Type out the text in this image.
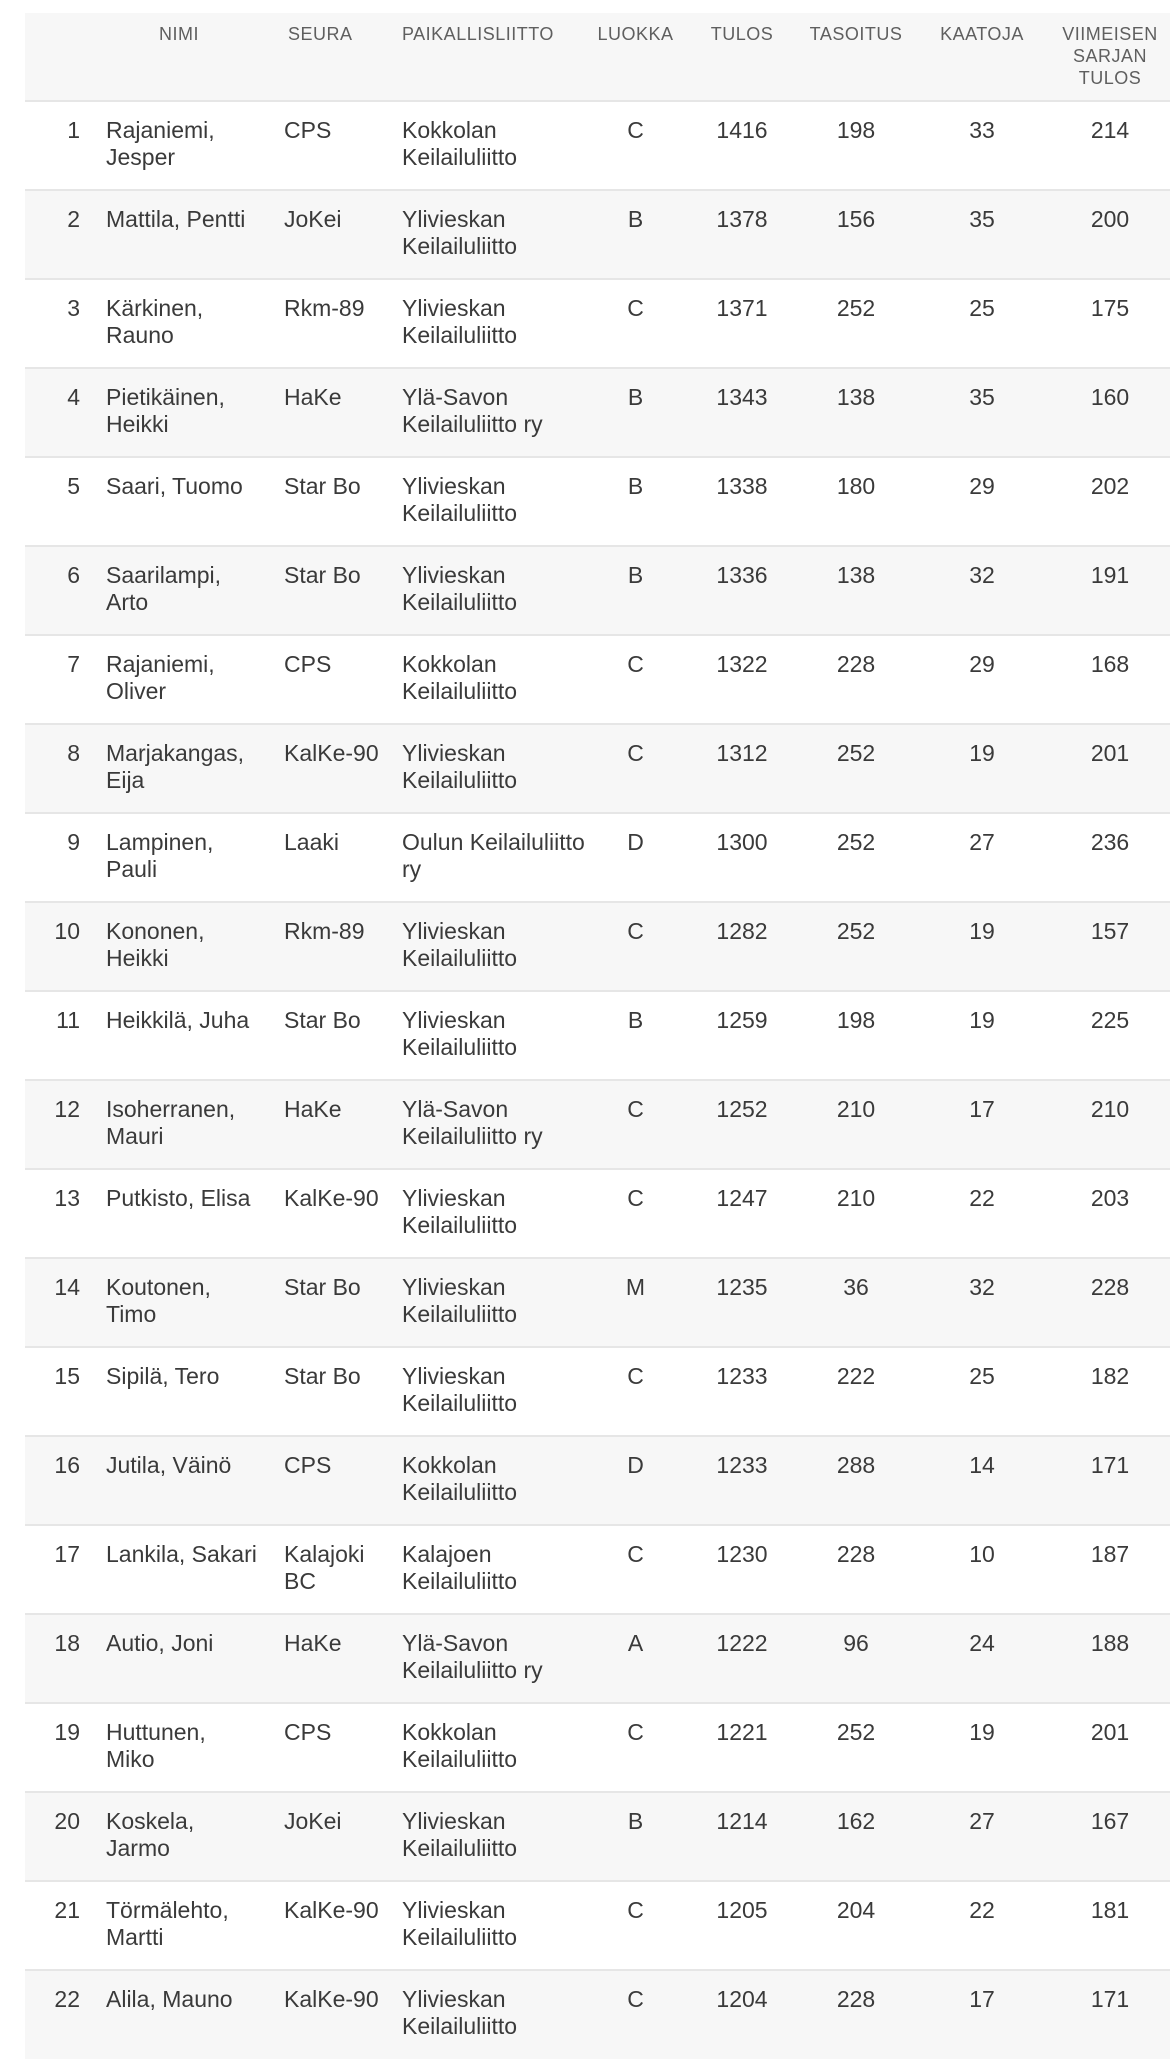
	NIMI	SEURA	PAIKALLISLIITTO	LUOKKA	TULOS	TASOITUS	KAATOJA	VIIMEISEN SARJAN TULOS
1	Rajaniemi, Jesper	CPS	Kokkolan Keilailuliitto	C	1416	198	33	214
2	Mattila, Pentti	JoKei	Ylivieskan Keilailuliitto	B	1378	156	35	200
3	Kärkinen, Rauno	Rkm-89	Ylivieskan Keilailuliitto	C	1371	252	25	175
4	Pietikäinen, Heikki	HaKe	Ylä-Savon Keilailuliitto ry	B	1343	138	35	160
5	Saari, Tuomo	Star Bo	Ylivieskan Keilailuliitto	B	1338	180	29	202
6	Saarilampi, Arto	Star Bo	Ylivieskan Keilailuliitto	B	1336	138	32	191
7	Rajaniemi, Oliver	CPS	Kokkolan Keilailuliitto	C	1322	228	29	168
8	Marjakangas, Eija	KalKe-90	Ylivieskan Keilailuliitto	C	1312	252	19	201
9	Lampinen, Pauli	Laaki	Oulun Keilailuliitto ry	D	1300	252	27	236
10	Kononen, Heikki	Rkm-89	Ylivieskan Keilailuliitto	C	1282	252	19	157
11	Heikkilä, Juha	Star Bo	Ylivieskan Keilailuliitto	B	1259	198	19	225
12	Isoherranen, Mauri	HaKe	Ylä-Savon Keilailuliitto ry	C	1252	210	17	210
13	Putkisto, Elisa	KalKe-90	Ylivieskan Keilailuliitto	C	1247	210	22	203
14	Koutonen, Timo	Star Bo	Ylivieskan Keilailuliitto	M	1235	36	32	228
15	Sipilä, Tero	Star Bo	Ylivieskan Keilailuliitto	C	1233	222	25	182
16	Jutila, Väinö	CPS	Kokkolan Keilailuliitto	D	1233	288	14	171
17	Lankila, Sakari	Kalajoki BC	Kalajoen Keilailuliitto	C	1230	228	10	187
18	Autio, Joni	HaKe	Ylä-Savon Keilailuliitto ry	A	1222	96	24	188
19	Huttunen, Miko	CPS	Kokkolan Keilailuliitto	C	1221	252	19	201
20	Koskela, Jarmo	JoKei	Ylivieskan Keilailuliitto	B	1214	162	27	167
21	Törmälehto, Martti	KalKe-90	Ylivieskan Keilailuliitto	C	1205	204	22	181
22	Alila, Mauno	KalKe-90	Ylivieskan Keilailuliitto	C	1204	228	17	171
